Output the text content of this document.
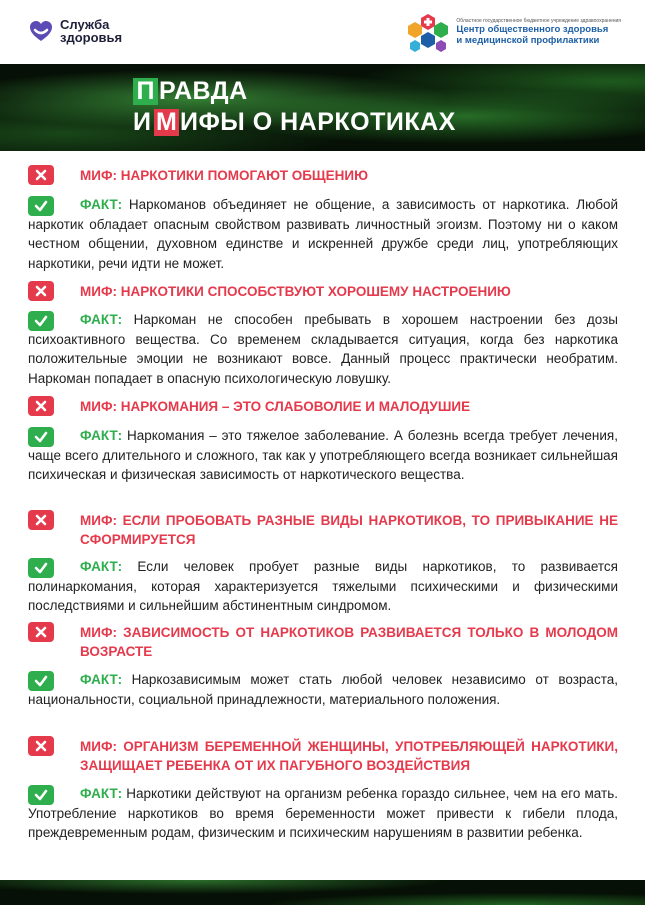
Служба
здоровья
Областное государственное бюджетное учреждение здравоохранения
Центр общественного здоровья
и медицинской профилактики
П РАВДА
И М ИФЫ О НАРКОТИКАХ
МИФ: НАРКОТИКИ ПОМОГАЮТ ОБЩЕНИЮ
ФАКТ: Наркоманов объединяет не общение, а зависимость от наркотика. Любой наркотик обладает опасным свойством развивать личностный эгоизм. Поэтому ни о каком честном общении, духовном единстве и искренней дружбе среди лиц, употребляющих наркотики, речи идти не может.
МИФ: НАРКОТИКИ СПОСОБСТВУЮТ ХОРОШЕМУ НАСТРОЕНИЮ
ФАКТ: Наркоман не способен пребывать в хорошем настроении без дозы психоактивного вещества. Со временем складывается ситуация, когда без наркотика положительные эмоции не возникают вовсе. Данный процесс практически необратим. Наркоман попадает в опасную психологическую ловушку.
МИФ: НАРКОМАНИЯ – ЭТО СЛАБОВОЛИЕ И МАЛОДУШИЕ
ФАКТ: Наркомания – это тяжелое заболевание. А болезнь всегда требует лечения, чаще всего длительного и сложного, так как у употребляющего всегда возникает сильнейшая психическая и физическая зависимость от наркотического вещества.
МИФ: ЕСЛИ ПРОБОВАТЬ РАЗНЫЕ ВИДЫ НАРКОТИКОВ, ТО ПРИВЫКАНИЕ НЕ СФОРМИРУЕТСЯ
ФАКТ: Если человек пробует разные виды наркотиков, то развивается полинаркомания, которая характеризуется тяжелыми психическими и физическими последствиями и сильнейшим абстинентным синдромом.
МИФ: ЗАВИСИМОСТЬ ОТ НАРКОТИКОВ РАЗВИВАЕТСЯ ТОЛЬКО В МОЛОДОМ ВОЗРАСТЕ
ФАКТ: Наркозависимым может стать любой человек независимо от возраста, национальности, социальной принадлежности, материального положения.
МИФ: ОРГАНИЗМ БЕРЕМЕННОЙ ЖЕНЩИНЫ, УПОТРЕБЛЯЮЩЕЙ НАРКОТИКИ, ЗАЩИЩАЕТ РЕБЕНКА ОТ ИХ ПАГУБНОГО ВОЗДЕЙСТВИЯ
ФАКТ: Наркотики действуют на организм ребенка гораздо сильнее, чем на его мать. Употребление наркотиков во время беременности может привести к гибели плода, преждевременным родам, физическим и психическим нарушениям в развитии ребенка.
